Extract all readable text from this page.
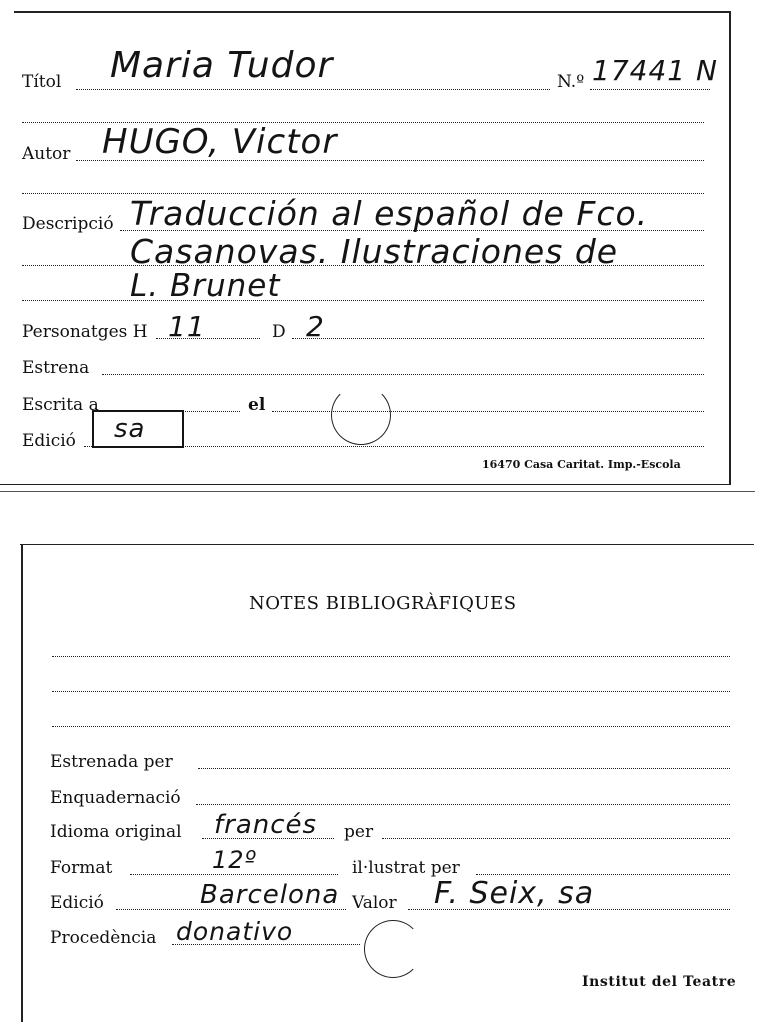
Títol Maria Tudor	N.º 17441 N
Autor HUGO, Victor
Descripció Traducción al español de Fco.
Casanovas. Ilustraciones de
L. Brunet
Personatges H 11	D 2
Estrena
Escrita a	el
Edició sa
16470 Casa Caritat. Imp.-Escola
NOTES BIBLIOGRÀFIQUES
Estrenada per
Enquadernació
Idioma original francés per
Format	12º	il·lustrat per
Edició	Barcelona Valor F. Seix, sa
Procedència donativo
Institut del Teatre
